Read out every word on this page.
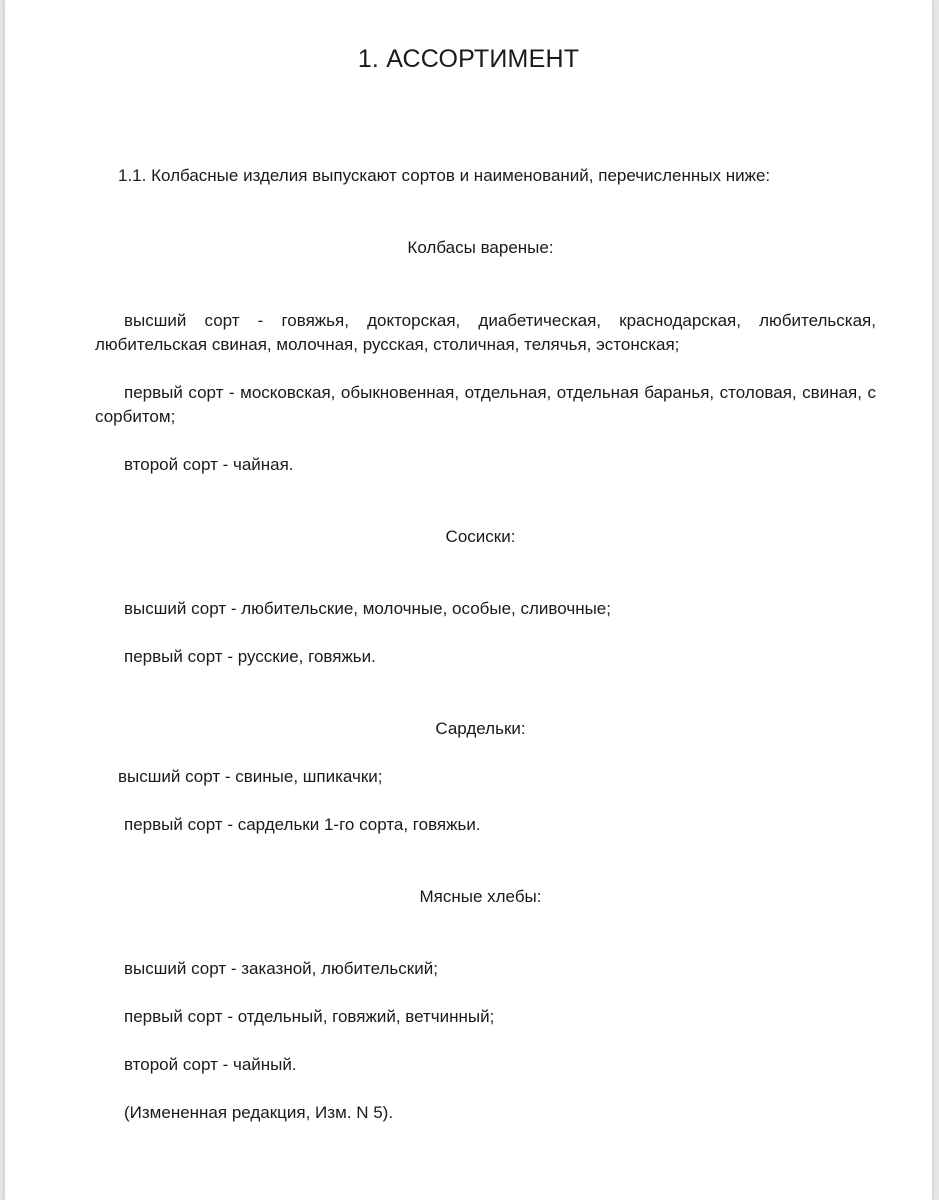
1. АССОРТИМЕНТ
1.1. Колбасные изделия выпускают сортов и наименований, перечисленных ниже:
Колбасы вареные:
высший сорт - говяжья, докторская, диабетическая, краснодарская, любительская, любительская свиная, молочная, русская, столичная, телячья, эстонская;
первый сорт - московская, обыкновенная, отдельная, отдельная баранья, столовая, свиная, с сорбитом;
второй сорт - чайная.
Сосиски:
высший сорт - любительские, молочные, особые, сливочные;
первый сорт - русские, говяжьи.
Сардельки:
высший сорт - свиные, шпикачки;
первый сорт - сардельки 1-го сорта, говяжьи.
Мясные хлебы:
высший сорт - заказной, любительский;
первый сорт - отдельный, говяжий, ветчинный;
второй сорт - чайный.
(Измененная редакция, Изм. N 5).
